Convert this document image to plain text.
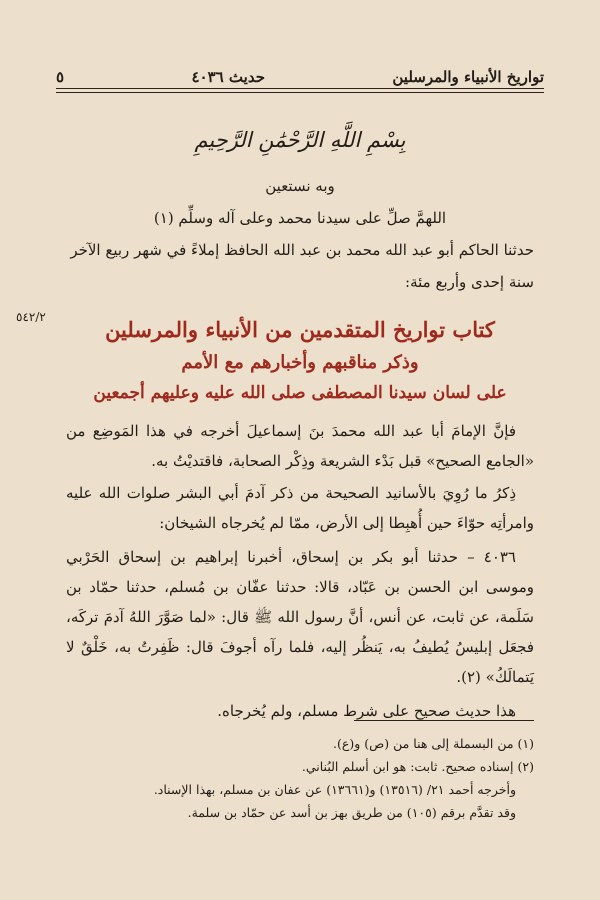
تواريخ الأنبياء والمرسلين
حديث ٤٠٣٦
٥
٥٤٢/٢
بِسْمِ اللَّهِ الرَّحْمَٰنِ الرَّحِيمِ
وبه نستعين
اللهمَّ صلِّ على سيدنا محمد وعلى آله وسلِّم (١)
حدثنا الحاكم أبو عبد الله محمد بن عبد الله الحافظ إملاءً في شهر ربيع الآخر
سنة إحدى وأربع مئة:
كتاب تواريخ المتقدمين من الأنبياء والمرسلين
وذكر مناقبهم وأخبارهم مع الأمم
على لسان سيدنا المصطفى صلى الله عليه وعليهم أجمعين

فإنَّ الإمامَ أبا عبد الله محمدَ بنَ إسماعيلَ أخرجه في هذا المَوضِع من «الجامع الصحيح» قبل بَدْء الشريعة وذِكْر الصحابة، فاقتديْتُ به.

ذِكرُ ما رُوِيَ بالأسانيد الصحيحة من ذكر آدمَ أبي البشر صلوات الله عليه وامرأتِه حوّاءَ حين أُهبِطا إلى الأرض، ممّا لم يُخرجاه الشيخان:

٤٠٣٦ – حدثنا أبو بكر بن إسحاق، أخبرنا إبراهيم بن إسحاق الحَرْبي وموسى ابن الحسن بن عَبّاد، قالا: حدثنا عفّان بن مُسلم، حدثنا حمّاد بن سَلَمة، عن ثابت، عن أنس، أنَّ رسول الله ﷺ قال: «لما صَوَّرَ اللهُ آدمَ تركَه، فجعَل إبليسُ يُطيفُ به، يَنظُر إليه، فلما رآه أجوفَ قال: ظَفِرتُ به، خَلْقٌ لا يَتمالَكُ» (٢).

هذا حديث صحيح على شرط مسلم، ولم يُخرجاه.

(١) من البسملة إلى هنا من (ص) و(ع).

(٢) إسناده صحيح. ثابت: هو ابن أسلم البُناني.

وأخرجه أحمد ٢١/ (١٣٥١٦) و(١٣٦٦١) عن عفان بن مسلم، بهذا الإسناد.

وقد تقدَّم برقم (١٠٥) من طريق بهز بن أسد عن حمّاد بن سلمة.
